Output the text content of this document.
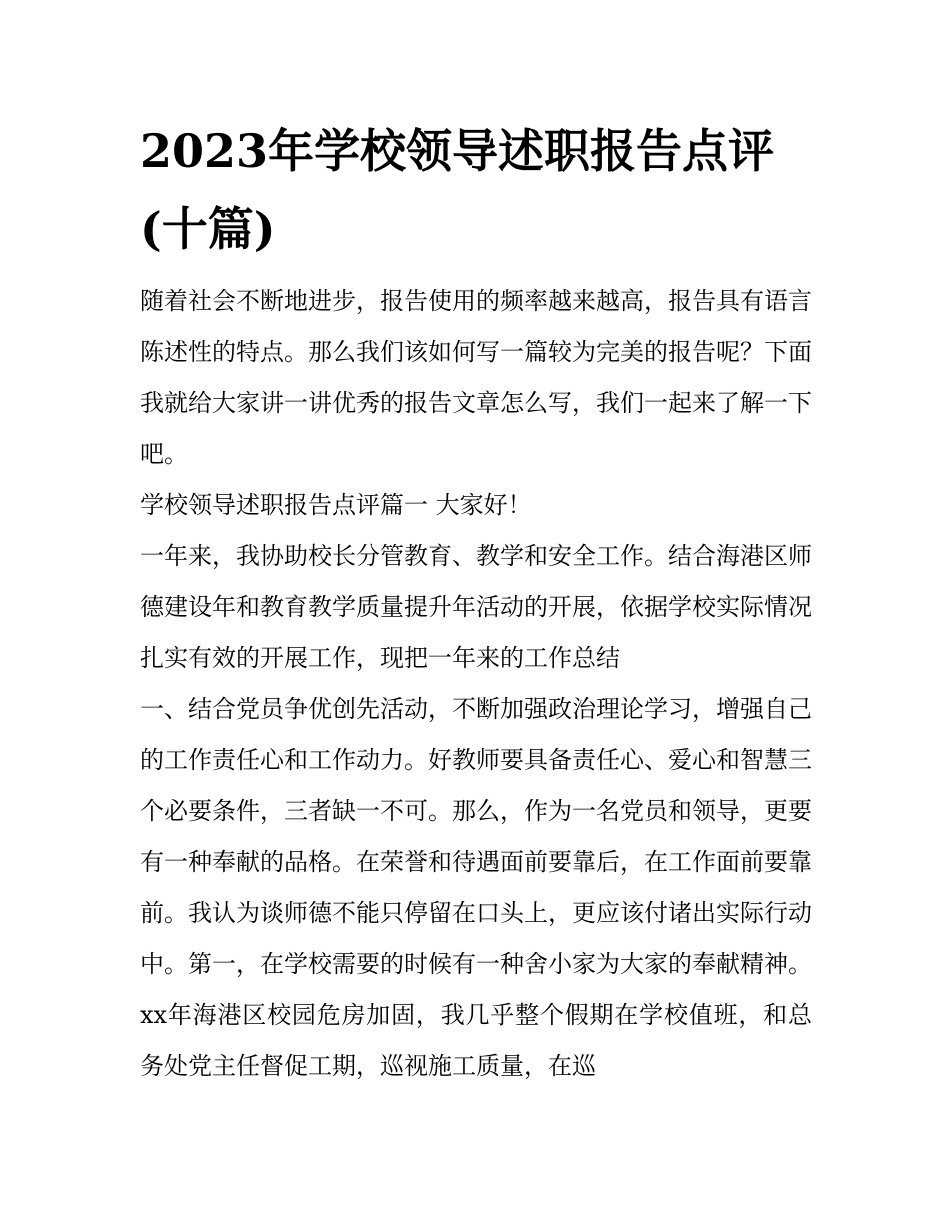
2023年学校领导述职报告点评(十篇)

随着社会不断地进步，报告使用的频率越来越高，报告具有语言陈述性的特点。那么我们该如何写一篇较为完美的报告呢？下面我就给大家讲一讲优秀的报告文章怎么写，我们一起来了解一下吧。

学校领导述职报告点评篇一 大家好！

一年来，我协助校长分管教育、教学和安全工作。结合海港区师德建设年和教育教学质量提升年活动的开展，依据学校实际情况扎实有效的开展工作，现把一年来的工作总结

一、结合党员争优创先活动，不断加强政治理论学习，增强自己的工作责任心和工作动力。好教师要具备责任心、爱心和智慧三个必要条件，三者缺一不可。那么，作为一名党员和领导，更要有一种奉献的品格。在荣誉和待遇面前要靠后，在工作面前要靠前。我认为谈师德不能只停留在口头上，更应该付诸出实际行动中。第一，在学校需要的时候有一种舍小家为大家的奉献精神。xx年海港区校园危房加固，我几乎整个假期在学校值班，和总务处党主任督促工期，巡视施工质量，在巡
